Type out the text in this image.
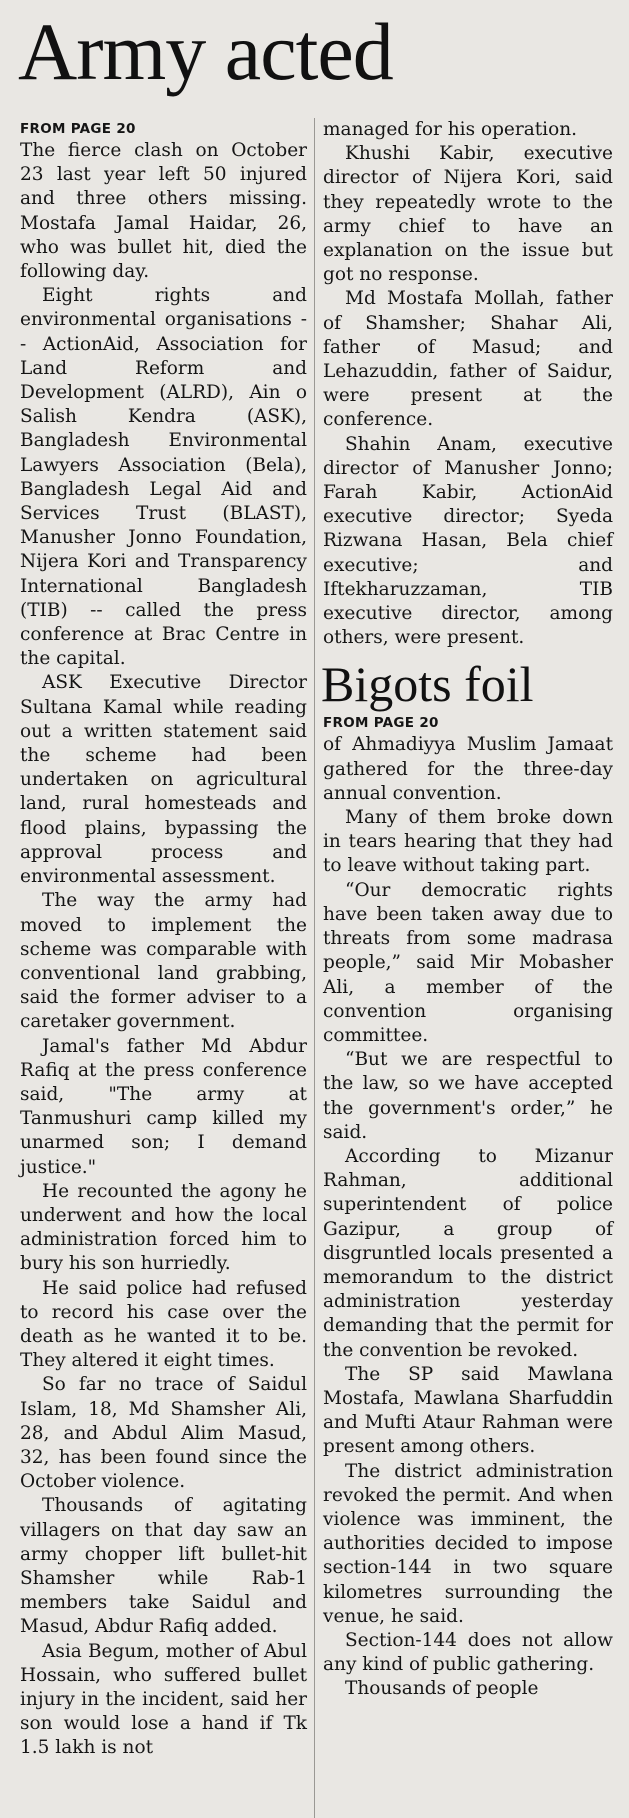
Army acted
FROM PAGE 20

The fierce clash on October 23 last year left 50 injured and three others missing. Mostafa Jamal Haidar, 26, who was bullet hit, died the following day.

Eight rights and environmental organisations -- ActionAid, Association for Land Reform and Development (ALRD), Ain o Salish Kendra (ASK), Bangladesh Environmental Lawyers Association (Bela), Bangladesh Legal Aid and Services Trust (BLAST), Manusher Jonno Foundation, Nijera Kori and Transparency International Bangladesh (TIB) -- called the press conference at Brac Centre in the capital.

ASK Executive Director Sultana Kamal while reading out a written statement said the scheme had been undertaken on agricultural land, rural homesteads and flood plains, bypassing the approval process and environmental assessment.

The way the army had moved to implement the scheme was comparable with conventional land grabbing, said the former adviser to a caretaker government.

Jamal's father Md Abdur Rafiq at the press conference said, "The army at Tanmushuri camp killed my unarmed son; I demand justice."

He recounted the agony he underwent and how the local administration forced him to bury his son hurriedly.

He said police had refused to record his case over the death as he wanted it to be. They altered it eight times.

So far no trace of Saidul Islam, 18, Md Shamsher Ali, 28, and Abdul Alim Masud, 32, has been found since the October violence.

Thousands of agitating villagers on that day saw an army chopper lift bullet-hit Shamsher while Rab-1 members take Saidul and Masud, Abdur Rafiq added.

Asia Begum, mother of Abul Hossain, who suffered bullet injury in the incident, said her son would lose a hand if Tk 1.5 lakh is not

managed for his operation.

Khushi Kabir, executive director of Nijera Kori, said they repeatedly wrote to the army chief to have an explanation on the issue but got no response.

Md Mostafa Mollah, father of Shamsher; Shahar Ali, father of Masud; and Lehazuddin, father of Saidur, were present at the conference.

Shahin Anam, executive director of Manusher Jonno; Farah Kabir, ActionAid executive director; Syeda Rizwana Hasan, Bela chief executive; and Iftekharuzzaman, TIB executive director, among others, were present.

Bigots foil
FROM PAGE 20

of Ahmadiyya Muslim Jamaat gathered for the three-day annual convention.

Many of them broke down in tears hearing that they had to leave without taking part.

“Our democratic rights have been taken away due to threats from some madrasa people,” said Mir Mobasher Ali, a member of the convention organising committee.

“But we are respectful to the law, so we have accepted the government's order,” he said.

According to Mizanur Rahman, additional superintendent of police Gazipur, a group of disgruntled locals presented a memorandum to the district administration yesterday demanding that the permit for the convention be revoked.

The SP said Mawlana Mostafa, Mawlana Sharfuddin and Mufti Ataur Rahman were present among others.

The district administration revoked the permit. And when violence was imminent, the authorities decided to impose section-144 in two square kilometres surrounding the venue, he said.

Section-144 does not allow any kind of public gathering.

Thousands of people
